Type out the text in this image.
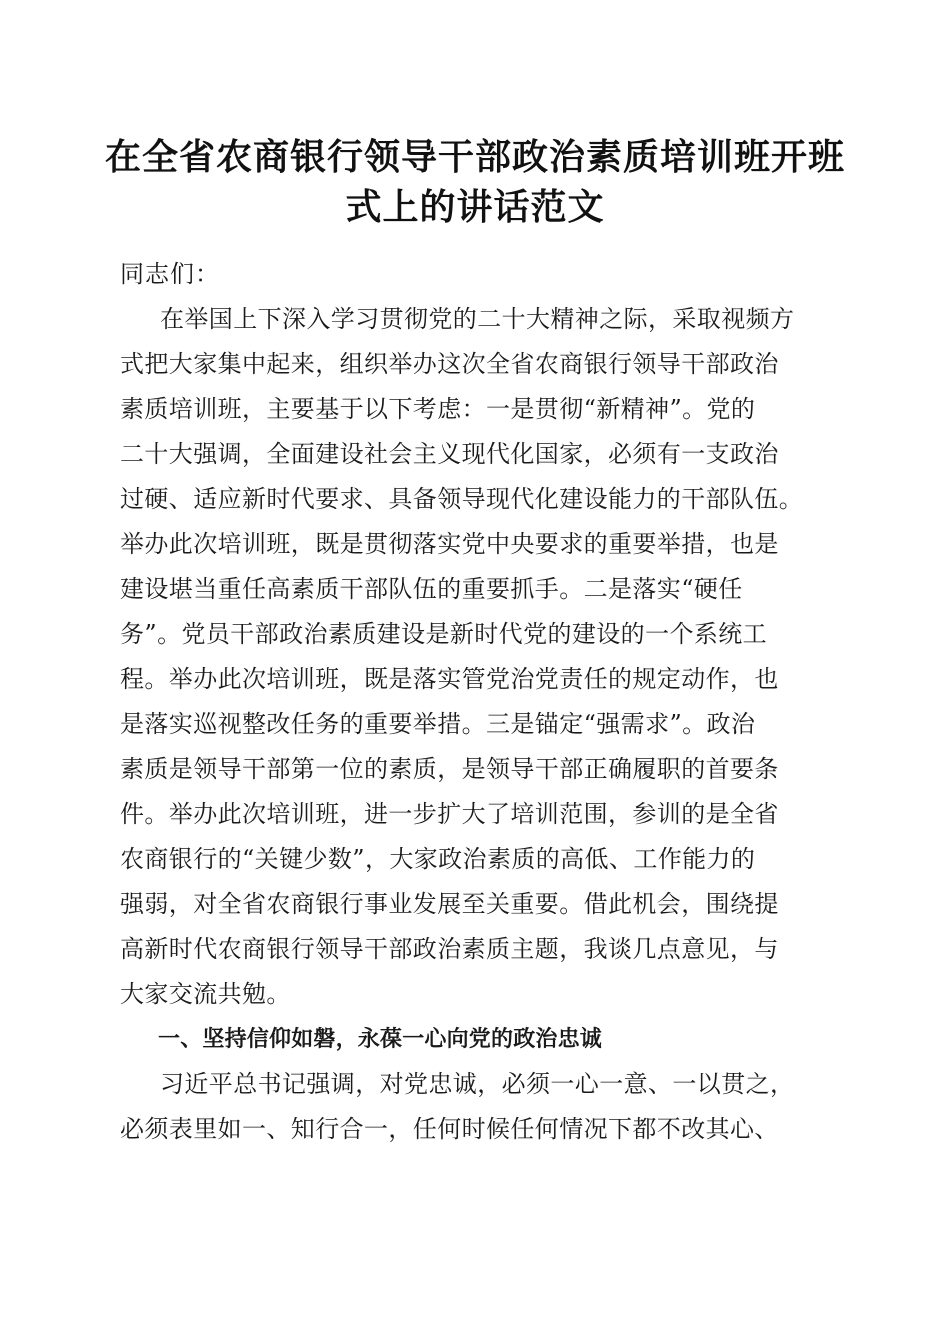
在全省农商银行领导干部政治素质培训班开班
式上的讲话范文
同志们：
在举国上下深入学习贯彻党的二十大精神之际，采取视频方
式把大家集中起来，组织举办这次全省农商银行领导干部政治
素质培训班，主要基于以下考虑：一是贯彻“新精神”。党的
二十大强调，全面建设社会主义现代化国家，必须有一支政治
过硬、适应新时代要求、具备领导现代化建设能力的干部队伍。
举办此次培训班，既是贯彻落实党中央要求的重要举措，也是
建设堪当重任高素质干部队伍的重要抓手。二是落实“硬任
务”。党员干部政治素质建设是新时代党的建设的一个系统工
程。举办此次培训班，既是落实管党治党责任的规定动作，也
是落实巡视整改任务的重要举措。三是锚定“强需求”。政治
素质是领导干部第一位的素质，是领导干部正确履职的首要条
件。举办此次培训班，进一步扩大了培训范围，参训的是全省
农商银行的“关键少数”，大家政治素质的高低、工作能力的
强弱，对全省农商银行事业发展至关重要。借此机会，围绕提
高新时代农商银行领导干部政治素质主题，我谈几点意见，与
大家交流共勉。
一、坚持信仰如磐，永葆一心向党的政治忠诚
习近平总书记强调，对党忠诚，必须一心一意、一以贯之，
必须表里如一、知行合一，任何时候任何情况下都不改其心、
